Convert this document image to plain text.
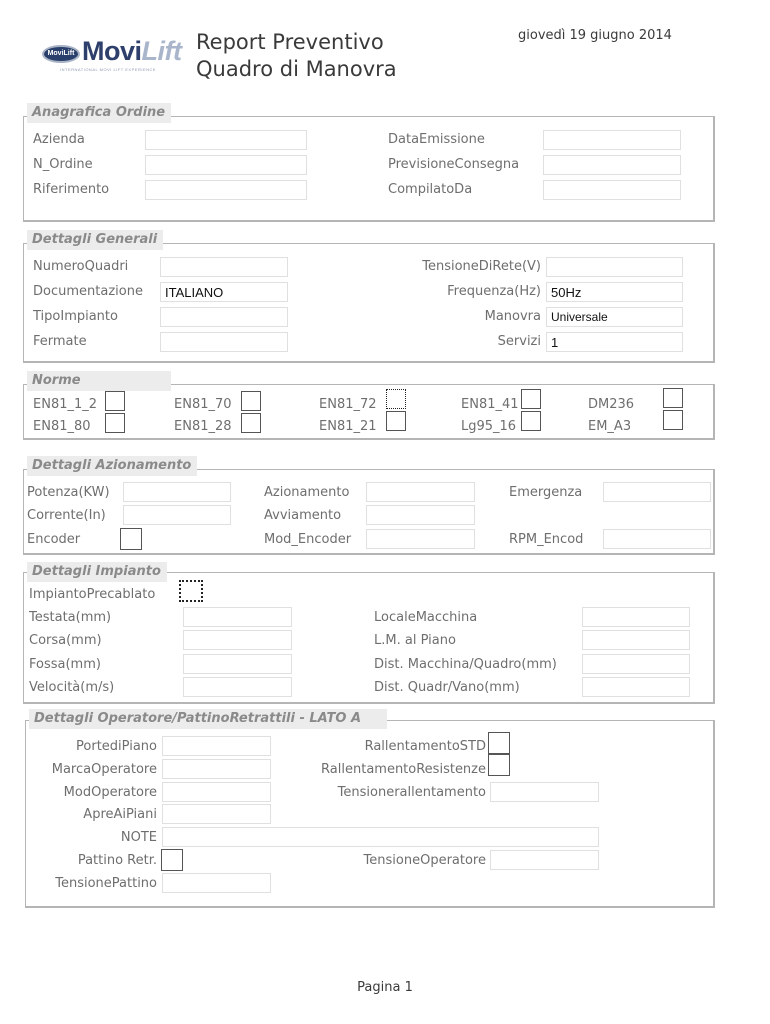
MoviLift MoviLift
INTERNATIONAL MOVI LIFT EXPERIENCE
Report Preventivo
Quadro di Manovra
giovedì 19 giugno 2014
Anagrafica Ordine
Azienda
N_Ordine
Riferimento
DataEmissione
PrevisioneConsegna
CompilatoDa
Dettagli Generali
NumeroQuadri
Documentazione	ITALIANO
TipoImpianto
Fermate
TensioneDiRete(V)
Frequenza(Hz) 50Hz
Manovra Universale
Servizi 1
Norme
EN81_1_2
EN81_80
EN81_70
EN81_28
EN81_72
EN81_21
EN81_41
Lg95_16
DM236
EM_A3
Dettagli Azionamento
Potenza(KW)
Corrente(In)
Encoder
Azionamento
Avviamento
Mod_Encoder
Emergenza
RPM_Encod
Dettagli Impianto
ImpiantoPrecablato
Testata(mm)
Corsa(mm)
Fossa(mm)
Velocità(m/s)
LocaleMacchina
L.M. al Piano
Dist. Macchina/Quadro(mm)
Dist. Quadr/Vano(mm)
Dettagli Operatore/PattinoRetrattili - LATO A
PortediPiano
MarcaOperatore
ModOperatore
ApreAiPiani
NOTE
Pattino Retr.
TensionePattino
RallentamentoSTD
RallentamentoResistenze
Tensionerallentamento
TensioneOperatore
Pagina 1
